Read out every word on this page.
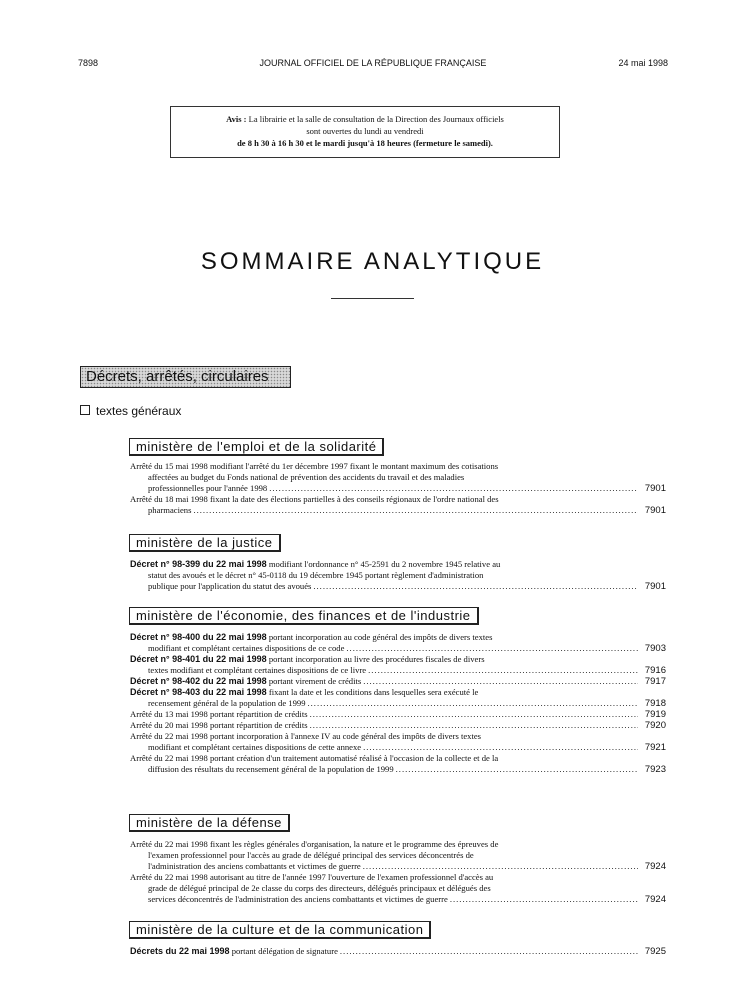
7898	JOURNAL OFFICIEL DE LA RÉPUBLIQUE FRANÇAISE	24 mai 1998
Avis : La librairie et la salle de consultation de la Direction des Journaux officiels
sont ouvertes du lundi au vendredi
de 8 h 30 à 16 h 30 et le mardi jusqu'à 18 heures (fermeture le samedi).
SOMMAIRE ANALYTIQUE
Décrets, arrêtés, circulaires
textes généraux
ministère de l'emploi et de la solidarité
Arrêté du 15 mai 1998 modifiant l'arrêté du 1er décembre 1997 fixant le montant maximum des cotisations
affectées au budget du Fonds national de prévention des accidents du travail et des maladies
professionnelles pour l'année 1998 .....	7901
Arrêté du 18 mai 1998 fixant la date des élections partielles à des conseils régionaux de l'ordre national des
pharmaciens .....	7901
ministère de la justice
Décret n° 98-399 du 22 mai 1998 modifiant l'ordonnance n° 45-2591 du 2 novembre 1945 relative au
statut des avoués et le décret n° 45-0118 du 19 décembre 1945 portant règlement d'administration
publique pour l'application du statut des avoués .....	7901
ministère de l'économie, des finances et de l'industrie
Décret n° 98-400 du 22 mai 1998 portant incorporation au code général des impôts de divers textes
modifiant et complétant certaines dispositions de ce code .....	7903
Décret n° 98-401 du 22 mai 1998 portant incorporation au livre des procédures fiscales de divers
textes modifiant et complétant certaines dispositions de ce livre .....	7916
Décret n° 98-402 du 22 mai 1998 portant virement de crédits .....	7917
Décret n° 98-403 du 22 mai 1998 fixant la date et les conditions dans lesquelles sera exécuté le
recensement général de la population de 1999 .....	7918
Arrêté du 13 mai 1998 portant répartition de crédits .....	7919
Arrêté du 20 mai 1998 portant répartition de crédits .....	7920
Arrêté du 22 mai 1998 portant incorporation à l'annexe IV au code général des impôts de divers textes
modifiant et complétant certaines dispositions de cette annexe .....	7921
Arrêté du 22 mai 1998 portant création d'un traitement automatisé réalisé à l'occasion de la collecte et de la
diffusion des résultats du recensement général de la population de 1999 .....	7923
ministère de la défense
Arrêté du 22 mai 1998 fixant les règles générales d'organisation, la nature et le programme des épreuves de
l'examen professionnel pour l'accès au grade de délégué principal des services déconcentrés de
l'administration des anciens combattants et victimes de guerre .....	7924
Arrêté du 22 mai 1998 autorisant au titre de l'année 1997 l'ouverture de l'examen professionnel d'accès au
grade de délégué principal de 2e classe du corps des directeurs, délégués principaux et délégués des
services déconcentrés de l'administration des anciens combattants et victimes de guerre .....	7924
ministère de la culture et de la communication
Décrets du 22 mai 1998 portant délégation de signature .....	7925
